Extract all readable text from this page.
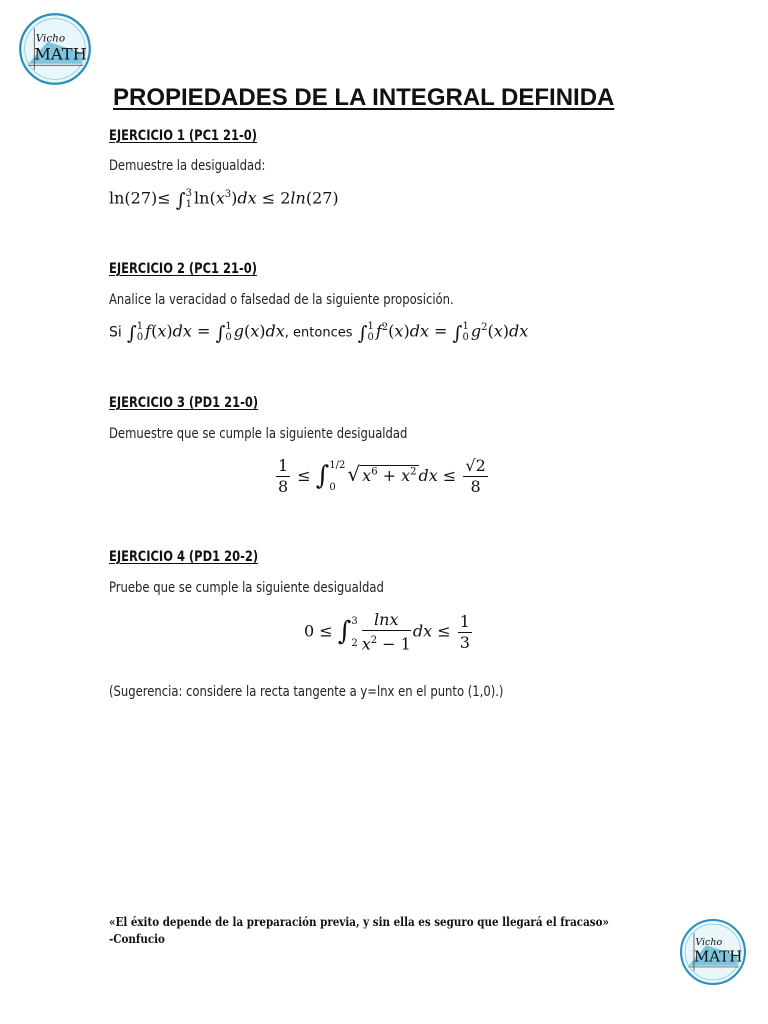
Vicho
MATH
PROPIEDADES DE LA INTEGRAL DEFINIDA
EJERCICIO 1 (PC1 21-0)
Demuestre la desigualdad:
ln(27)≤ ∫3
1 $\ln(x^3)dx \le 2\ln(27)$
EJERCICIO 2 (PC1 21-0)
Analice la veracidad o falsedad de la siguiente proposición.
Si ∫1
0 f(x)dx = ∫1
0 g(x)dx, entonces ∫1
0 $f^2(x)dx = \int 1$
0 $g^2(x)dx$
EJERCICIO 3 (PD1 21-0)
Demuestre que se cumple la siguiente desigualdad
$\frac{1}{8} \le \int 1/2$

0√ $x^6 + x^2$ dx ≤ $\frac{√2}{8}$
EJERCICIO 4 (PD1 20-2)
Pruebe que se cumple la siguiente desigualdad
0 ≤ ∫3

$2 \frac{\ln x}{x^2 - 1}$ dx ≤ $\frac{1}{3}$
(Sugerencia: considere la recta tangente a y=lnx en el punto (1,0).)
«El éxito depende de la preparación previa, y sin ella es seguro que llegará el fracaso»
-Confucio	Vicho
MATH
